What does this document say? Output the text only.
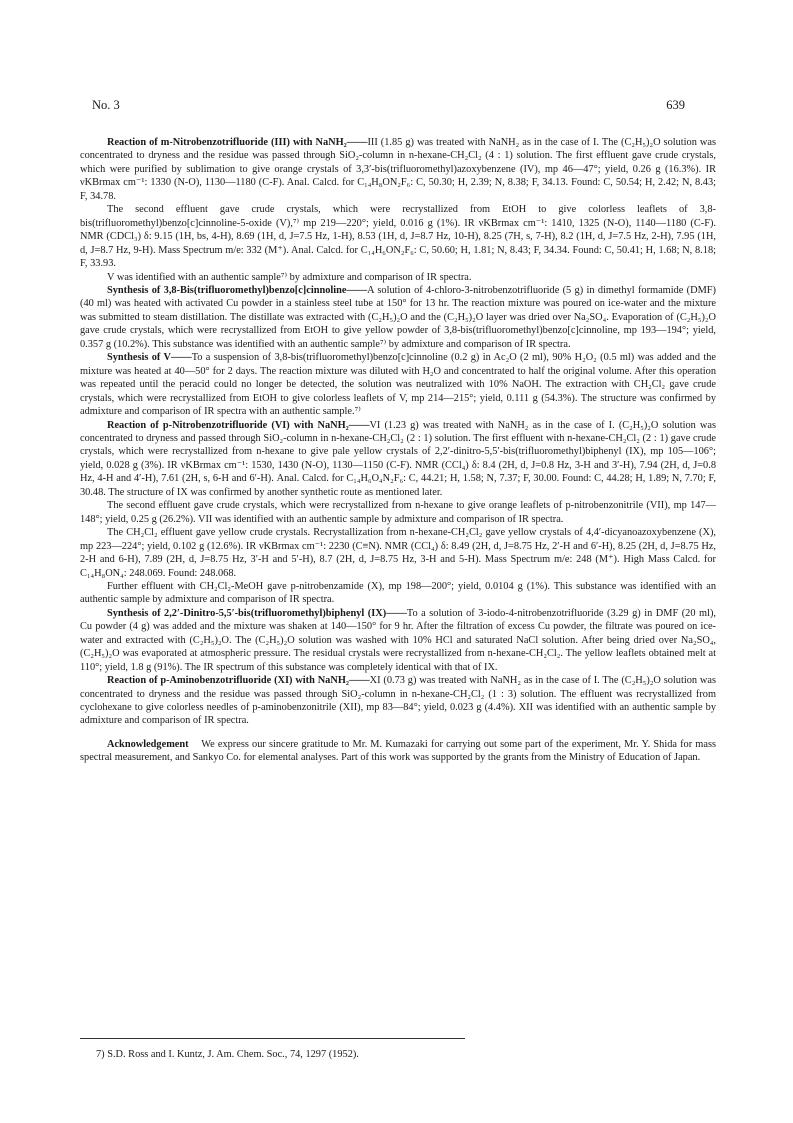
No. 3	639

Reaction of m-Nitrobenzotrifluoride (III) with NaNH₂——III (1.85 g) was treated with NaNH₂ as in the case of I. The (C₂H₅)₂O solution was concentrated to dryness and the residue was passed through SiO₂-column in n-hexane-CH₂Cl₂ (4 : 1) solution. The first effluent gave crude crystals, which were purified by sublimation to give orange crystals of 3,3′-bis(trifluoromethyl)azoxybenzene (IV), mp 46—47°; yield, 0.26 g (16.3%). IR νKBrmax cm⁻¹: 1330 (N-O), 1130—1180 (C-F). Anal. Calcd. for C₁₄H₈ON₂F₆: C, 50.30; H, 2.39; N, 8.38; F, 34.13. Found: C, 50.54; H, 2.42; N, 8.43; F, 34.78.

The second effluent gave crude crystals, which were recrystallized from EtOH to give colorless leaflets of 3,8-bis(trifluoromethyl)benzo[c]cinnoline-5-oxide (V),⁷⁾ mp 219—220°; yield, 0.016 g (1%). IR νKBrmax cm⁻¹: 1410, 1325 (N-O), 1140—1180 (C-F). NMR (CDCl₃) δ: 9.15 (1H, bs, 4-H), 8.69 (1H, d, J=7.5 Hz, 1-H), 8.53 (1H, d, J=8.7 Hz, 10-H), 8.25 (7H, s, 7-H), 8.2 (1H, d, J=7.5 Hz, 2-H), 7.95 (1H, d, J=8.7 Hz, 9-H). Mass Spectrum m/e: 332 (M⁺). Anal. Calcd. for C₁₄H₆ON₂F₆: C, 50.60; H, 1.81; N, 8.43; F, 34.34. Found: C, 50.41; H, 1.68; N, 8.18; F, 33.93.

V was identified with an authentic sample⁷⁾ by admixture and comparison of IR spectra.

Synthesis of 3,8-Bis(trifluoromethyl)benzo[c]cinnoline——A solution of 4-chloro-3-nitrobenzotrifluoride (5 g) in dimethyl formamide (DMF) (40 ml) was heated with activated Cu powder in a stainless steel tube at 150° for 13 hr. The reaction mixture was poured on ice-water and the mixture was submitted to steam distillation. The distillate was extracted with (C₂H₅)₂O and the (C₂H₅)₂O layer was dried over Na₂SO₄. Evaporation of (C₂H₅)₂O gave crude crystals, which were recrystallized from EtOH to give yellow powder of 3,8-bis(trifluoromethyl)benzo[c]cinnoline, mp 193—194°; yield, 0.357 g (10.2%). This substance was identified with an authentic sample⁷⁾ by admixture and comparison of IR spectra.

Synthesis of V——To a suspension of 3,8-bis(trifluoromethyl)benzo[c]cinnoline (0.2 g) in Ac₂O (2 ml), 90% H₂O₂ (0.5 ml) was added and the mixture was heated at 40—50° for 2 days. The reaction mixture was diluted with H₂O and concentrated to half the original volume. After this operation was repeated until the peracid could no longer be detected, the solution was neutralized with 10% NaOH. The extraction with CH₂Cl₂ gave crude crystals, which were recrystallized from EtOH to give colorless leaflets of V, mp 214—215°; yield, 0.111 g (54.3%). The structure was confirmed by admixture and comparison of IR spectra with an authentic sample.⁷⁾

Reaction of p-Nitrobenzotrifluoride (VI) with NaNH₂——VI (1.23 g) was treated with NaNH₂ as in the case of I. (C₂H₅)₂O solution was concentrated to dryness and passed through SiO₂-column in n-hexane-CH₂Cl₂ (2 : 1) solution. The first effluent with n-hexane-CH₂Cl₂ (2 : 1) gave crude crystals, which were recrystallized from n-hexane to give pale yellow crystals of 2,2′-dinitro-5,5′-bis(trifluoromethyl)biphenyl (IX), mp 105—106°; yield, 0.028 g (3%). IR νKBrmax cm⁻¹: 1530, 1430 (N-O), 1130—1150 (C-F). NMR (CCl₄) δ: 8.4 (2H, d, J=0.8 Hz, 3-H and 3′-H), 7.94 (2H, d, J=0.8 Hz, 4-H and 4′-H), 7.61 (2H, s, 6-H and 6′-H). Anal. Calcd. for C₁₄H₆O₄N₂F₆: C, 44.21; H, 1.58; N, 7.37; F, 30.00. Found: C, 44.28; H, 1.89; N, 7.70; F, 30.48. The structure of IX was confirmed by another synthetic route as mentioned later.

The second effluent gave crude crystals, which were recrystallized from n-hexane to give orange leaflets of p-nitrobenzonitrile (VII), mp 147—148°; yield, 0.25 g (26.2%). VII was identified with an authentic sample by admixture and comparison of IR spectra.

The CH₂Cl₂ effluent gave yellow crude crystals. Recrystallization from n-hexane-CH₂Cl₂ gave yellow crystals of 4,4′-dicyanoazoxybenzene (X), mp 223—224°; yield, 0.102 g (12.6%). IR νKBrmax cm⁻¹: 2230 (C≡N). NMR (CCl₄) δ: 8.49 (2H, d, J=8.75 Hz, 2′-H and 6′-H), 8.25 (2H, d, J=8.75 Hz, 2-H and 6-H), 7.89 (2H, d, J=8.75 Hz, 3′-H and 5′-H), 8.7 (2H, d, J=8.75 Hz, 3-H and 5-H). Mass Spectrum m/e: 248 (M⁺). High Mass Calcd. for C₁₄H₈ON₄: 248.069. Found: 248.068.

Further effluent with CH₂Cl₂-MeOH gave p-nitrobenzamide (X), mp 198—200°; yield, 0.0104 g (1%). This substance was identified with an authentic sample by admixture and comparison of IR spectra.

Synthesis of 2,2′-Dinitro-5,5′-bis(trifluoromethyl)biphenyl (IX)——To a solution of 3-iodo-4-nitrobenzotrifluoride (3.29 g) in DMF (20 ml), Cu powder (4 g) was added and the mixture was shaken at 140—150° for 9 hr. After the filtration of excess Cu powder, the filtrate was poured on ice-water and extracted with (C₂H₅)₂O. The (C₂H₅)₂O solution was washed with 10% HCl and saturated NaCl solution. After being dried over Na₂SO₄, (C₂H₅)₂O was evaporated at atmospheric pressure. The residual crystals were recrystallized from n-hexane-CH₂Cl₂. The yellow leaflets obtained melt at 110°; yield, 1.8 g (91%). The IR spectrum of this substance was completely identical with that of IX.

Reaction of p-Aminobenzotrifluoride (XI) with NaNH₂——XI (0.73 g) was treated with NaNH₂ as in the case of I. The (C₂H₅)₂O solution was concentrated to dryness and the residue was passed through SiO₂-column in n-hexane-CH₂Cl₂ (1 : 3) solution. The effluent was recrystallized from cyclohexane to give colorless needles of p-aminobenzonitrile (XII), mp 83—84°; yield, 0.023 g (4.4%). XII was identified with an authentic sample by admixture and comparison of IR spectra.

Acknowledgement We express our sincere gratitude to Mr. M. Kumazaki for carrying out some part of the experiment, Mr. Y. Shida for mass spectral measurement, and Sankyo Co. for elemental analyses. Part of this work was supported by the grants from the Ministry of Education of Japan.

7) S.D. Ross and I. Kuntz, J. Am. Chem. Soc., 74, 1297 (1952).
